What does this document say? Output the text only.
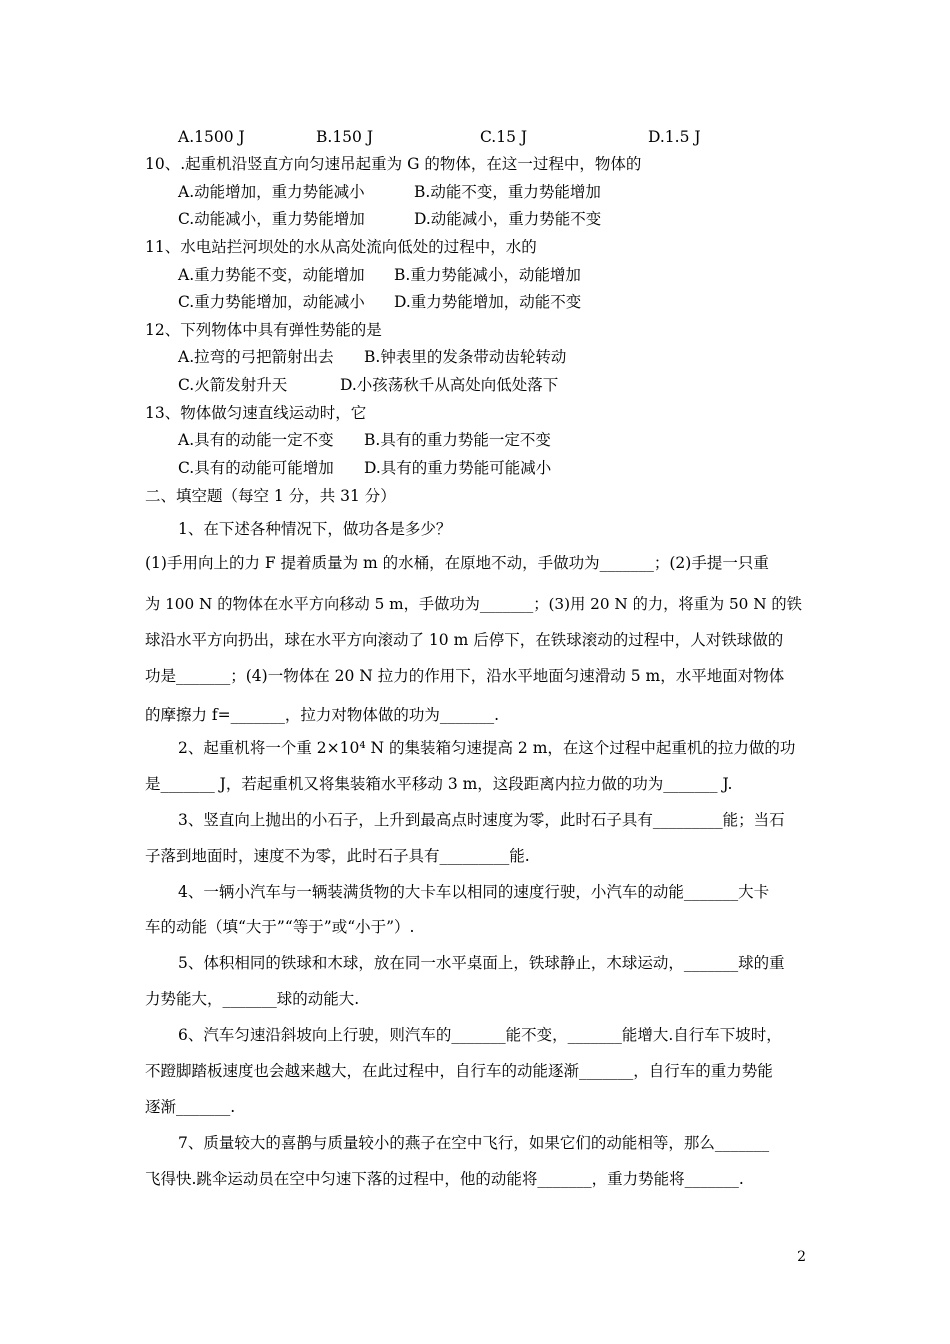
A.1500 J	B.150 J	C.15 J	D.1.5 J
10、.起重机沿竖直方向匀速吊起重为 G 的物体，在这一过程中，物体的
A.动能增加，重力势能减小	B.动能不变，重力势能增加
C.动能减小，重力势能增加	D.动能减小，重力势能不变
11、水电站拦河坝处的水从高处流向低处的过程中，水的
A.重力势能不变，动能增加 B.重力势能减小，动能增加
C.重力势能增加，动能减小 D.重力势能增加，动能不变
12、下列物体中具有弹性势能的是
A.拉弯的弓把箭射出去 B.钟表里的发条带动齿轮转动
C.火箭发射升天	D.小孩荡秋千从高处向低处落下
13、物体做匀速直线运动时，它
A.具有的动能一定不变 B.具有的重力势能一定不变
C.具有的动能可能增加 D.具有的重力势能可能减小
二、填空题（每空 1 分，共 31 分）
1、在下述各种情况下，做功各是多少？
(1)手用向上的力 F 提着质量为 m 的水桶，在原地不动，手做功为_______；(2)手提一只重
为 100 N 的物体在水平方向移动 5 m，手做功为_______；(3)用 20 N 的力，将重为 50 N 的铁
球沿水平方向扔出，球在水平方向滚动了 10 m 后停下，在铁球滚动的过程中，人对铁球做的
功是_______；(4)一物体在 20 N 拉力的作用下，沿水平地面匀速滑动 5 m，水平地面对物体
的摩擦力 f=_______，拉力对物体做的功为_______.
2、起重机将一个重 2×10⁴ N 的集装箱匀速提高 2 m，在这个过程中起重机的拉力做的功
是_______ J，若起重机又将集装箱水平移动 3 m，这段距离内拉力做的功为_______ J.
3、竖直向上抛出的小石子，上升到最高点时速度为零，此时石子具有_________能；当石
子落到地面时，速度不为零，此时石子具有_________能.
4、一辆小汽车与一辆装满货物的大卡车以相同的速度行驶，小汽车的动能_______大卡
车的动能（填“大于”“等于”或“小于”）.
5、体积相同的铁球和木球，放在同一水平桌面上，铁球静止，木球运动，_______球的重
力势能大，_______球的动能大.
6、汽车匀速沿斜坡向上行驶，则汽车的_______能不变，_______能增大.自行车下坡时，
不蹬脚踏板速度也会越来越大，在此过程中，自行车的动能逐渐_______，自行车的重力势能
逐渐_______.
7、质量较大的喜鹊与质量较小的燕子在空中飞行，如果它们的动能相等，那么_______
飞得快.跳伞运动员在空中匀速下落的过程中，他的动能将_______，重力势能将_______.
2
